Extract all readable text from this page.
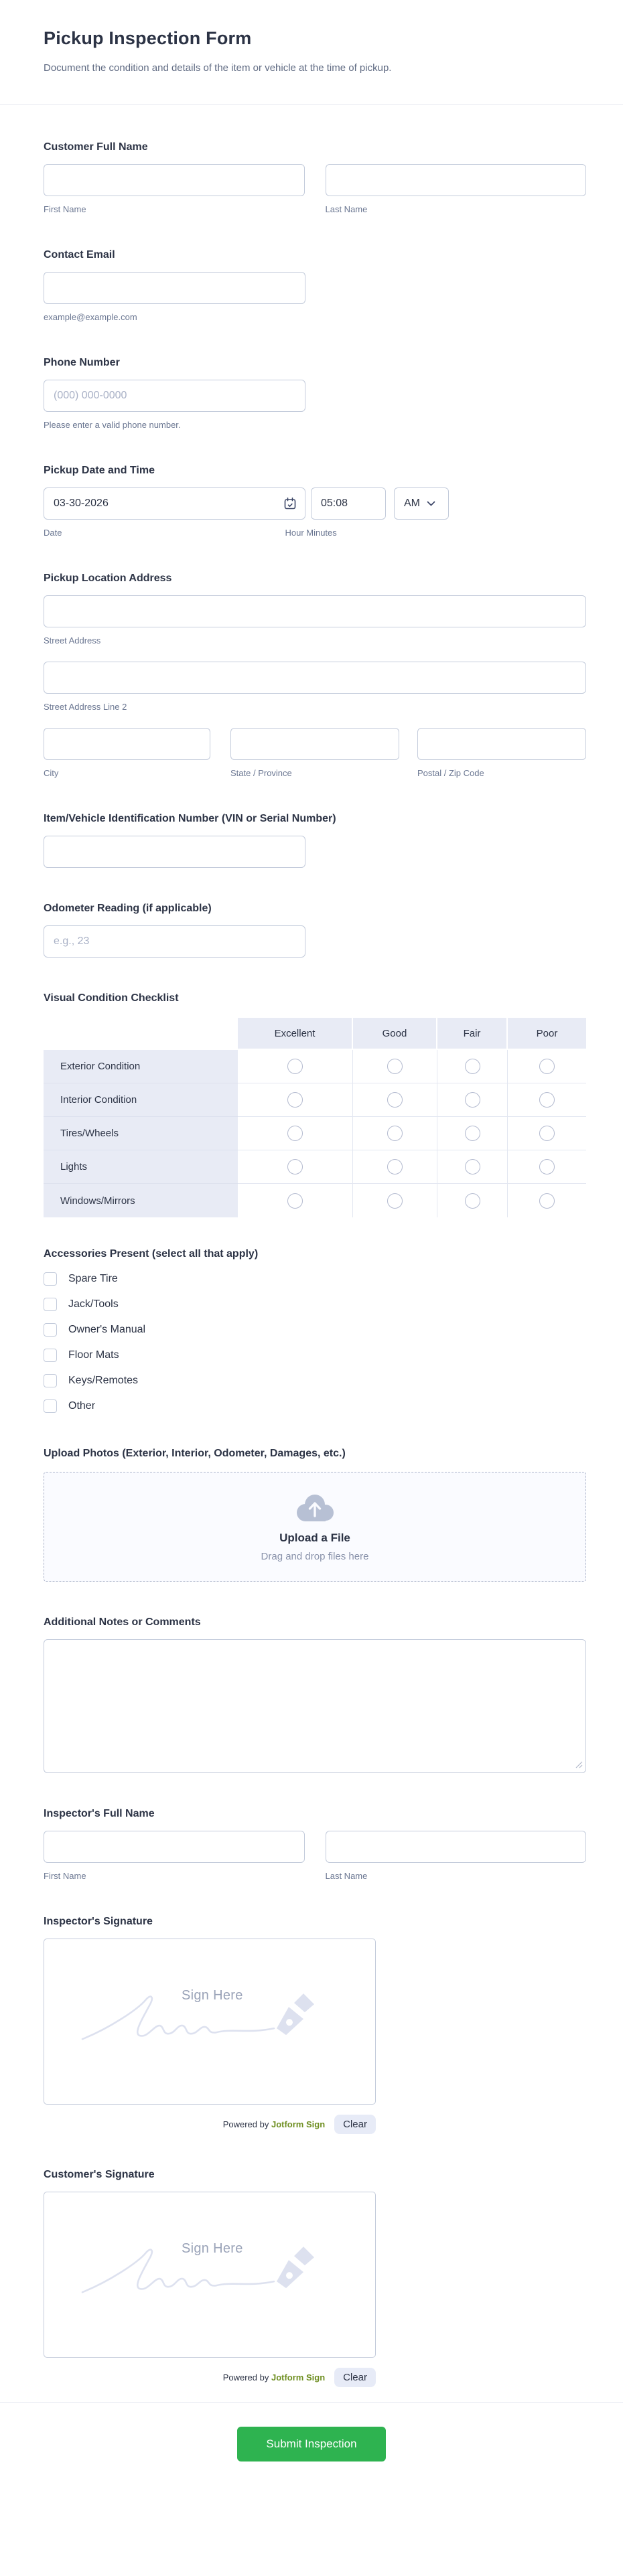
Pickup Inspection Form
Document the condition and details of the item or vehicle at the time of pickup.
Customer Full Name
First Name	Last Name
Contact Email
example@example.com
Phone Number
(000) 000-0000
Please enter a valid phone number.
Pickup Date and Time
03-30-2026
05:08
AM
Date	Hour Minutes
Pickup Location Address
Street Address
Street Address Line 2
City	State / Province	Postal / Zip Code
Item/Vehicle Identification Number (VIN or Serial Number)
Odometer Reading (if applicable)
e.g., 23
Visual Condition Checklist
	Excellent	Good	Fair	Poor
Exterior Condition				
Interior Condition				
Tires/Wheels				
Lights				
Windows/Mirrors				
Accessories Present (select all that apply)
Spare Tire
Jack/Tools
Owner's Manual
Floor Mats
Keys/Remotes
Other
Upload Photos (Exterior, Interior, Odometer, Damages, etc.)
Upload a File
Drag and drop files here
Additional Notes or Comments
Inspector's Full Name
First Name	Last Name
Inspector's Signature
Sign Here
Powered by Jotform Sign	Clear
Customer's Signature
Sign Here
Powered by Jotform Sign	Clear
Submit Inspection
